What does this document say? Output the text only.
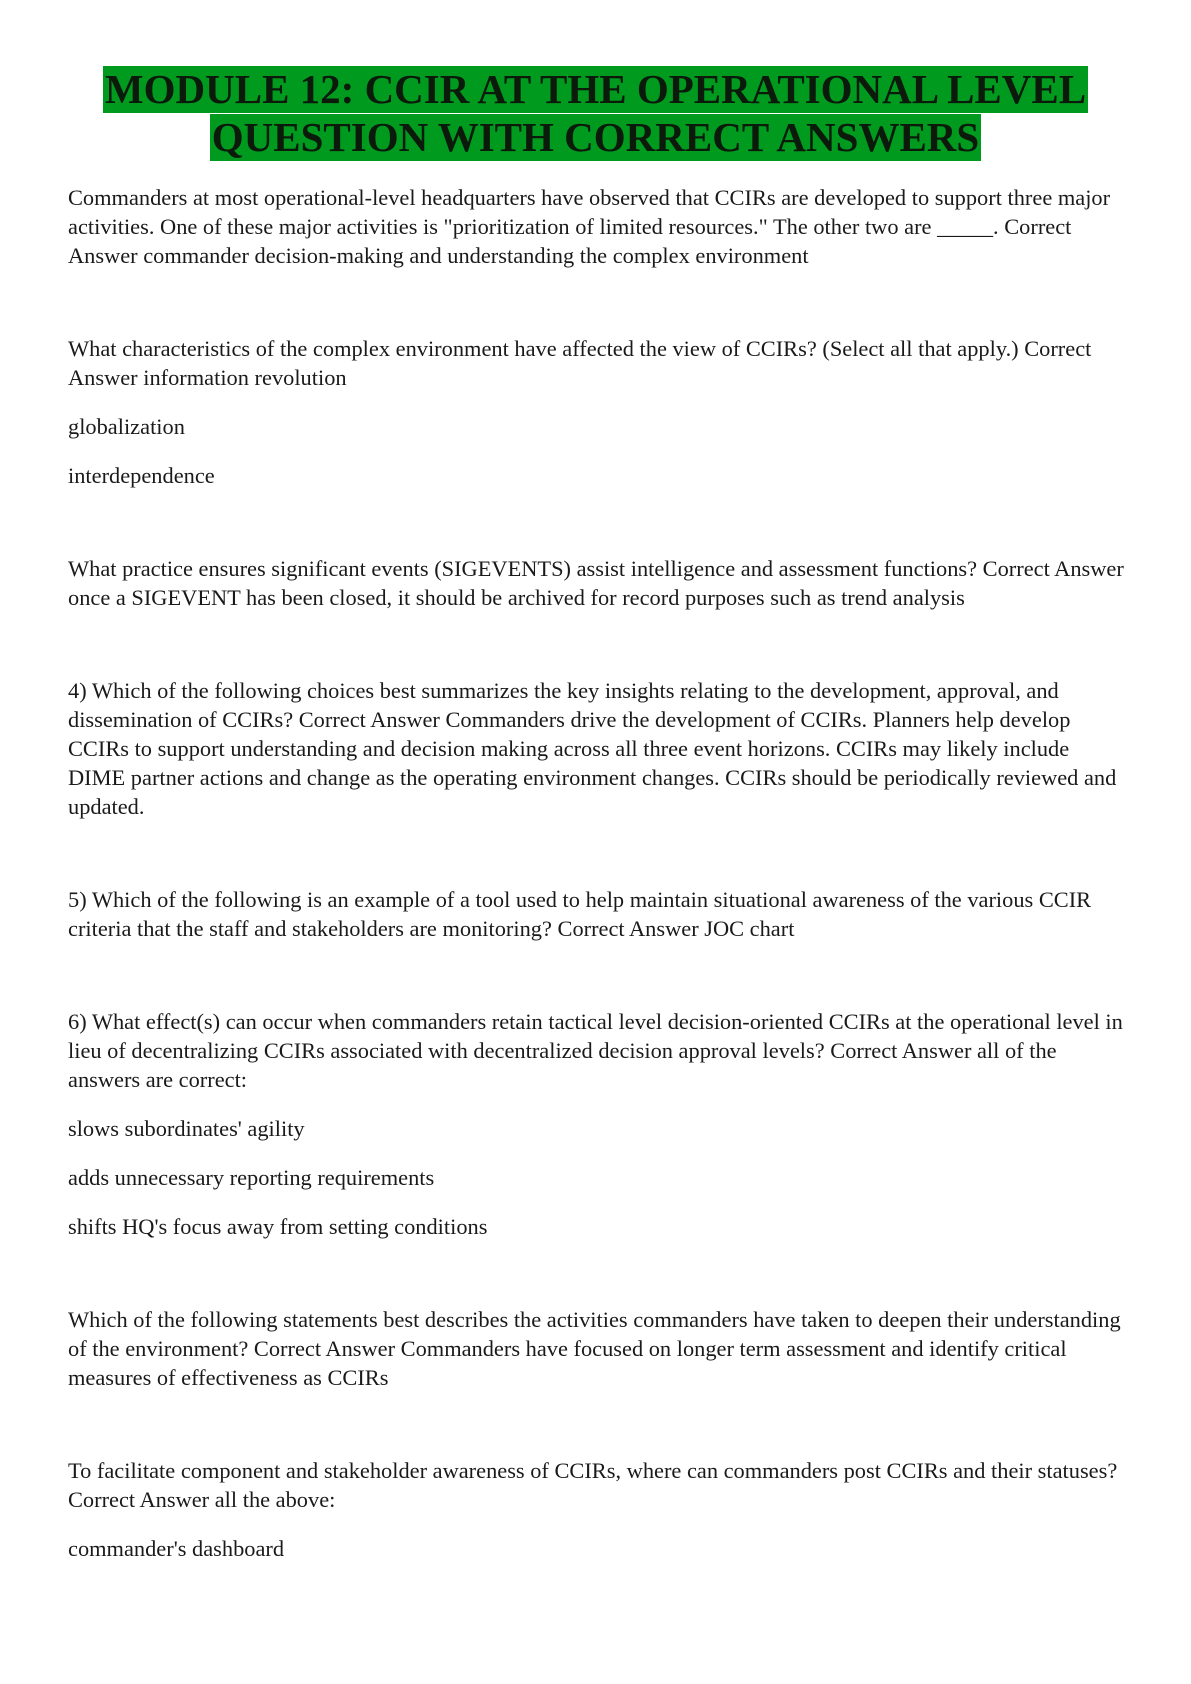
MODULE 12: CCIR AT THE OPERATIONAL LEVEL
QUESTION WITH CORRECT ANSWERS

Commanders at most operational-level headquarters have observed that CCIRs are developed to support three major activities. One of these major activities is "prioritization of limited resources." The other two are _____. Correct Answer commander decision-making and understanding the complex environment

What characteristics of the complex environment have affected the view of CCIRs? (Select all that apply.) Correct Answer information revolution

globalization

interdependence

What practice ensures significant events (SIGEVENTS) assist intelligence and assessment functions? Correct Answer once a SIGEVENT has been closed, it should be archived for record purposes such as trend analysis

4) Which of the following choices best summarizes the key insights relating to the development, approval, and dissemination of CCIRs? Correct Answer Commanders drive the development of CCIRs. Planners help develop CCIRs to support understanding and decision making across all three event horizons. CCIRs may likely include DIME partner actions and change as the operating environment changes. CCIRs should be periodically reviewed and updated.

5) Which of the following is an example of a tool used to help maintain situational awareness of the various CCIR criteria that the staff and stakeholders are monitoring? Correct Answer JOC chart

6) What effect(s) can occur when commanders retain tactical level decision-oriented CCIRs at the operational level in lieu of decentralizing CCIRs associated with decentralized decision approval levels? Correct Answer all of the answers are correct:

slows subordinates' agility

adds unnecessary reporting requirements

shifts HQ's focus away from setting conditions

Which of the following statements best describes the activities commanders have taken to deepen their understanding of the environment? Correct Answer Commanders have focused on longer term assessment and identify critical measures of effectiveness as CCIRs

To facilitate component and stakeholder awareness of CCIRs, where can commanders post CCIRs and their statuses? Correct Answer all the above:

commander's dashboard
